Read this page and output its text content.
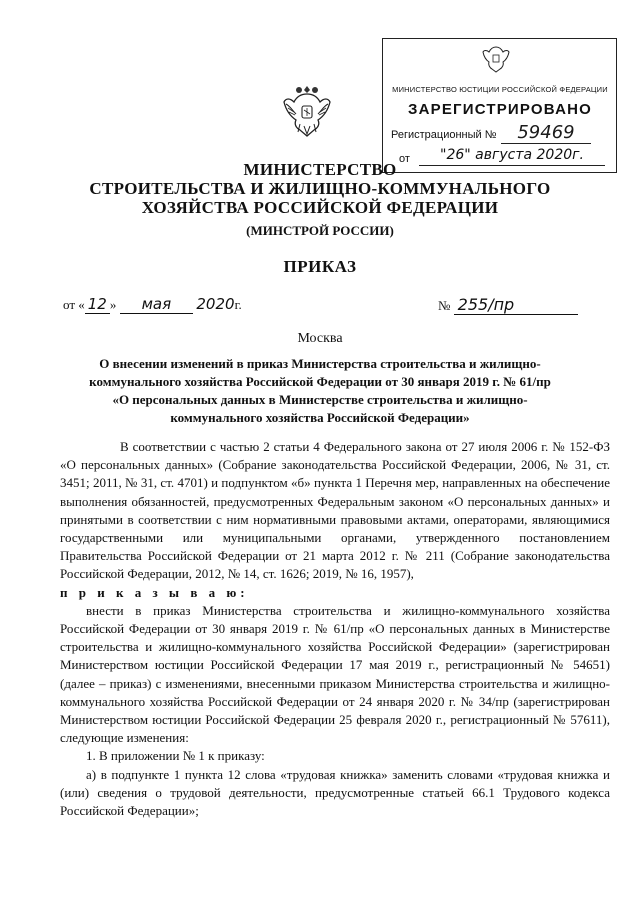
МИНИСТЕРСТВО ЮСТИЦИИ РОССИЙСКОЙ ФЕДЕРАЦИИ
ЗАРЕГИСТРИРОВАНО
Регистрационный №	59469
от	"26" августа 2020г.
МИНИСТЕРСТВО
СТРОИТЕЛЬСТВА И ЖИЛИЩНО-КОММУНАЛЬНОГО
ХОЗЯЙСТВА РОССИЙСКОЙ ФЕДЕРАЦИИ
(МИНСТРОЙ РОССИИ)
ПРИКАЗ
от « 12 » мая 2020г.	№ 255/пр
Москва
О внесении изменений в приказ Министерства строительства и жилищно-
коммунального хозяйства Российской Федерации от 30 января 2019 г. № 61/пр
«О персональных данных в Министерстве строительства и жилищно-
коммунального хозяйства Российской Федерации»

В соответствии с частью 2 статьи 4 Федерального закона от 27 июля 2006 г. № 152-ФЗ «О персональных данных» (Собрание законодательства Российской Федерации, 2006, № 31, ст. 3451; 2011, № 31, ст. 4701) и подпунктом «б» пункта 1 Перечня мер, направленных на обеспечение выполнения обязанностей, предусмотренных Федеральным законом «О персональных данных» и принятыми в соответствии с ним нормативными правовыми актами, операторами, являющимися государственными или муниципальными органами, утвержденного постановлением Правительства Российской Федерации от 21 марта 2012 г. № 211 (Собрание законодательства Российской Федерации, 2012, № 14, ст. 1626; 2019, № 16, 1957),

п р и к а з ы в а ю:

внести в приказ Министерства строительства и жилищно-коммунального хозяйства Российской Федерации от 30 января 2019 г. № 61/пр «О персональных данных в Министерстве строительства и жилищно-коммунального хозяйства Российской Федерации» (зарегистрирован Министерством юстиции Российской Федерации 17 мая 2019 г., регистрационный № 54651) (далее – приказ) с изменениями, внесенными приказом Министерства строительства и жилищно-коммунального хозяйства Российской Федерации от 24 января 2020 г. № 34/пр (зарегистрирован Министерством юстиции Российской Федерации 25 февраля 2020 г., регистрационный № 57611), следующие изменения:

1. В приложении № 1 к приказу:

а) в подпункте 1 пункта 12 слова «трудовая книжка» заменить словами «трудовая книжка и (или) сведения о трудовой деятельности, предусмотренные статьей 66.1 Трудового кодекса Российской Федерации»;
